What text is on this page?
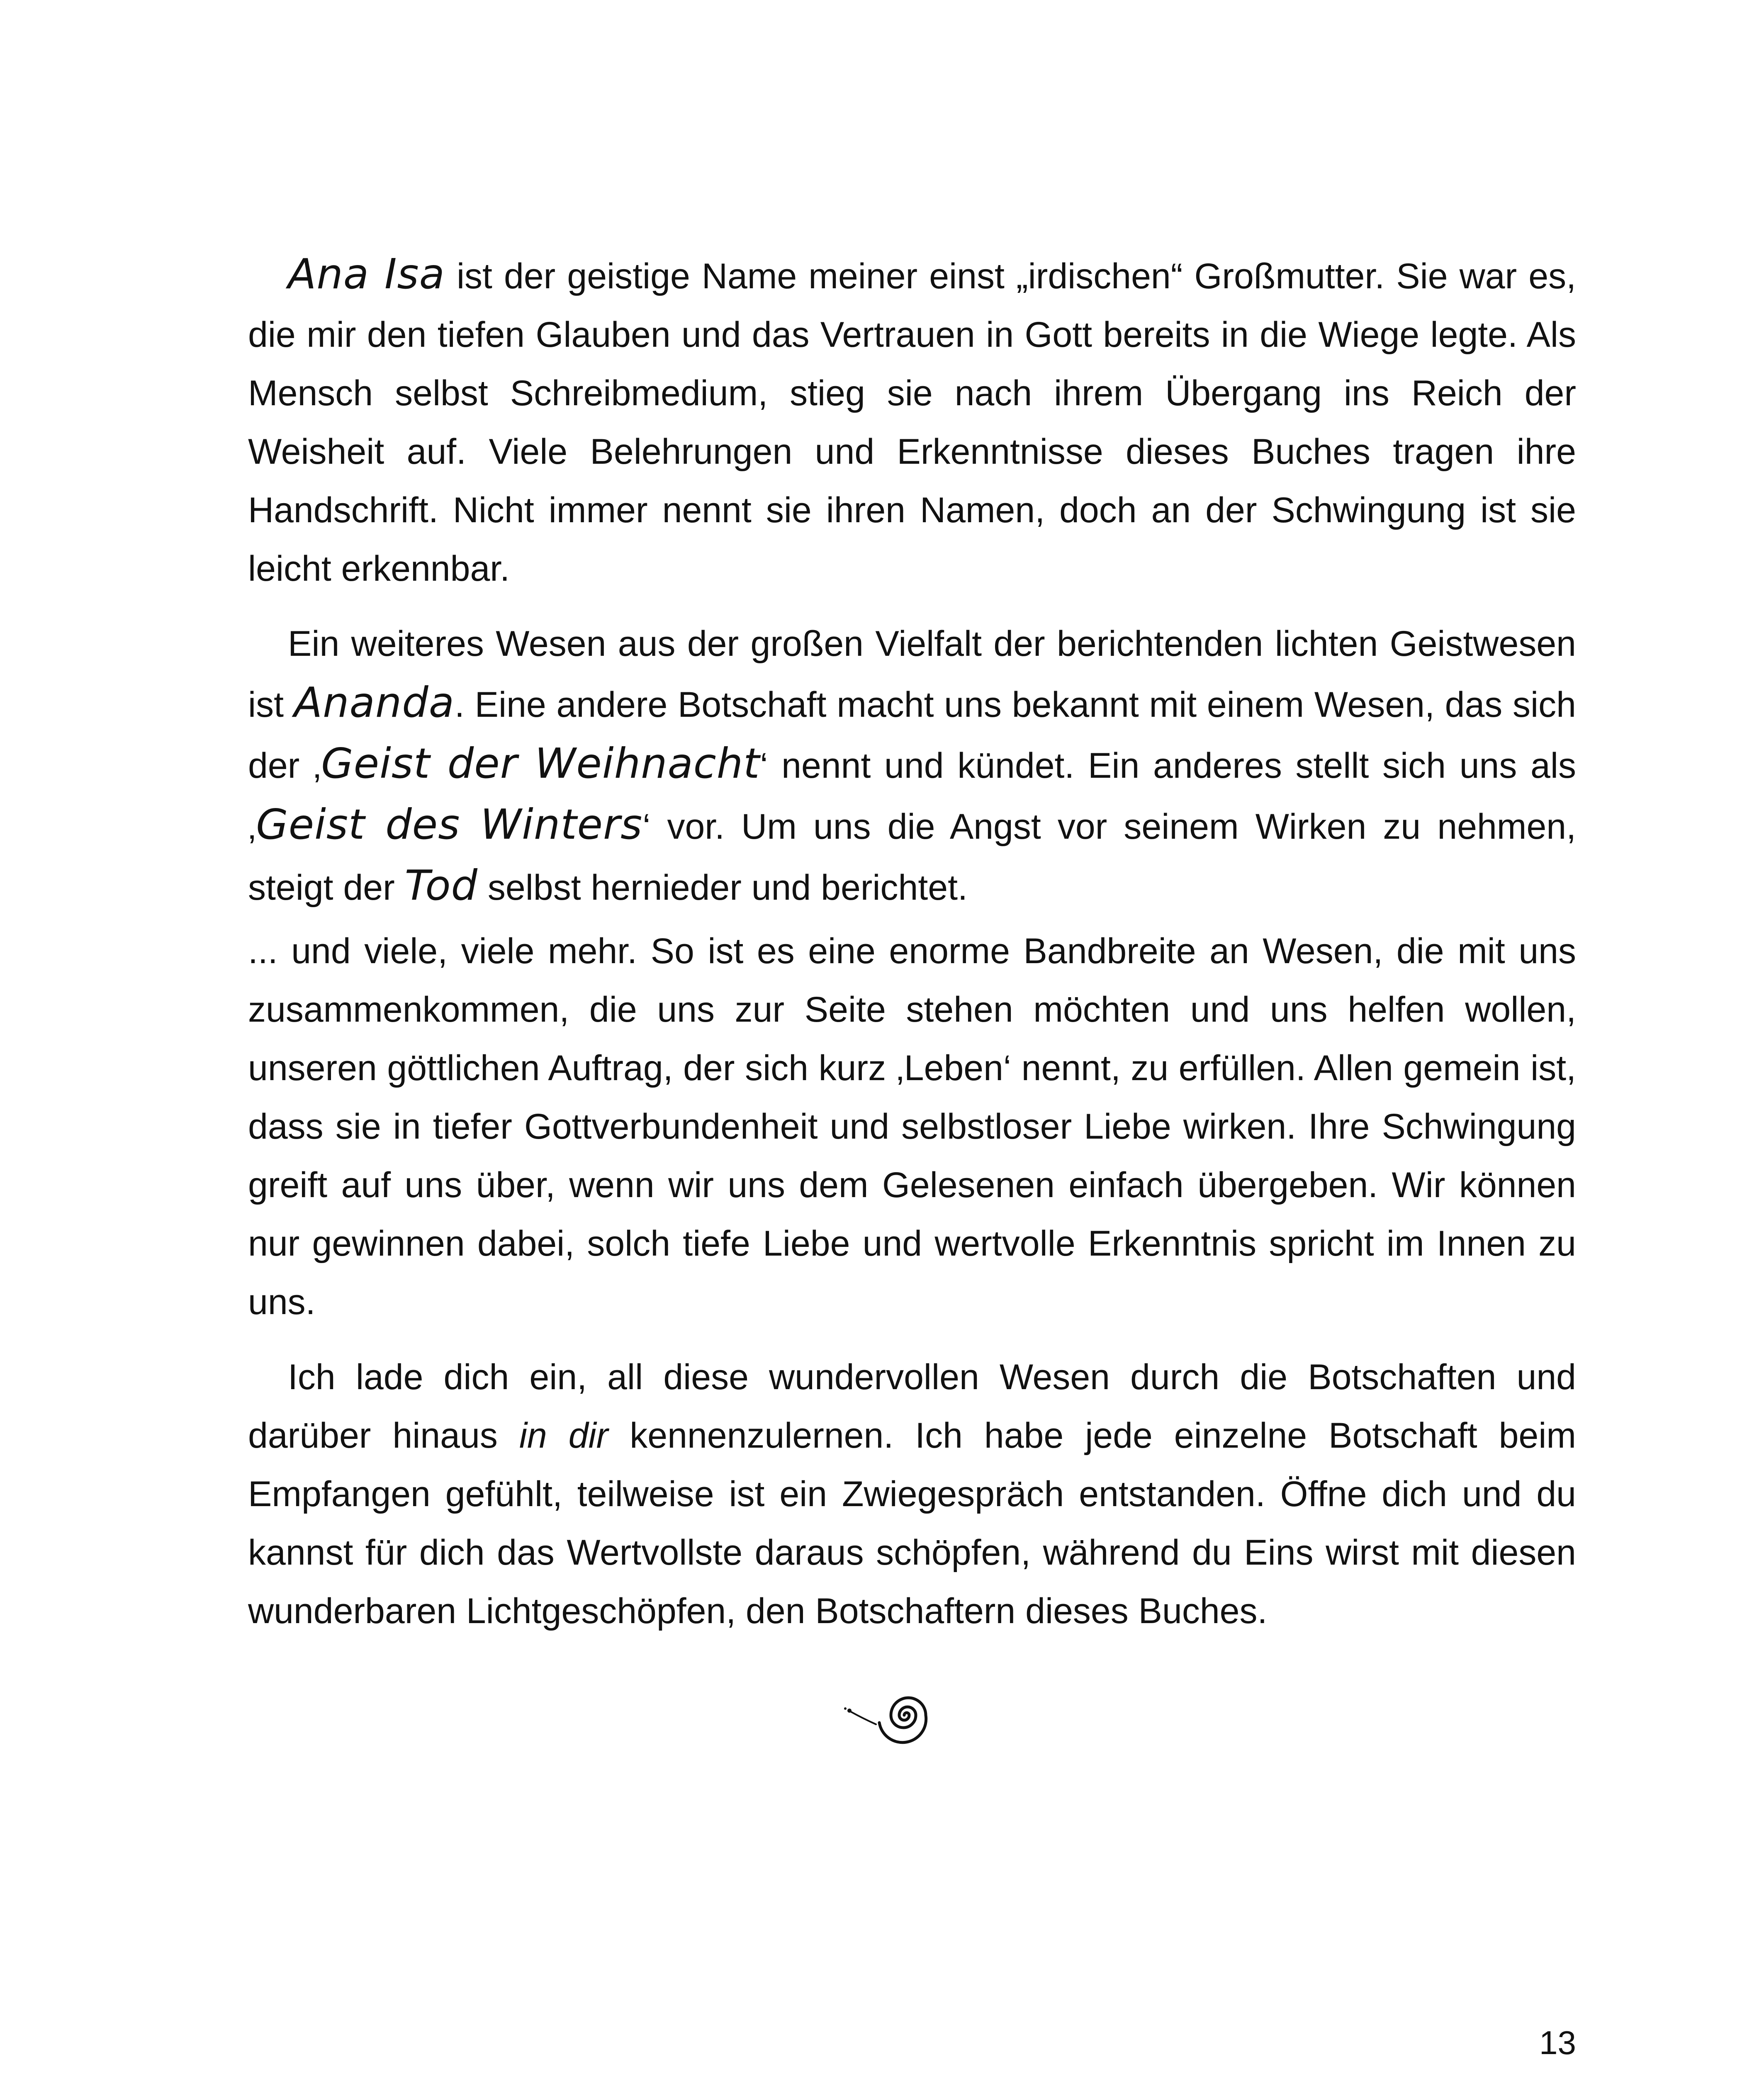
Ana Isa ist der geistige Name meiner einst „irdischen“ Großmutter. Sie war es, die mir den tiefen Glauben und das Vertrauen in Gott bereits in die Wiege legte. Als Mensch selbst Schreibmedium, stieg sie nach ihrem Übergang ins Reich der Weisheit auf. Viele Belehrungen und Erkenntnisse dieses Buches tragen ihre Handschrift. Nicht immer nennt sie ihren Namen, doch an der Schwingung ist sie leicht erkennbar.

Ein weiteres Wesen aus der großen Vielfalt der berichtenden lichten Geistwesen ist Ananda. Eine andere Botschaft macht uns bekannt mit einem Wesen, das sich der ‚Geist der Weihnacht‘ nennt und kündet. Ein anderes stellt sich uns als ‚Geist des Winters‘ vor. Um uns die Angst vor seinem Wirken zu nehmen, steigt der Tod selbst hernieder und berichtet.

... und viele, viele mehr. So ist es eine enorme Bandbreite an Wesen, die mit uns zusammenkommen, die uns zur Seite stehen möchten und uns helfen wollen, unseren göttlichen Auftrag, der sich kurz ‚Leben‘ nennt, zu erfüllen. Allen gemein ist, dass sie in tiefer Gottverbundenheit und selbstloser Liebe wirken. Ihre Schwingung greift auf uns über, wenn wir uns dem Gelesenen einfach übergeben. Wir können nur gewinnen dabei, solch tiefe Liebe und wertvolle Erkenntnis spricht im Innen zu uns.

Ich lade dich ein, all diese wundervollen Wesen durch die Botschaften und darüber hinaus in dir kennenzulernen. Ich habe jede einzelne Botschaft beim Empfangen gefühlt, teilweise ist ein Zwiegespräch entstanden. Öffne dich und du kannst für dich das Wertvollste daraus schöpfen, während du Eins wirst mit diesen wunderbaren Lichtgeschöpfen, den Botschaftern dieses Buches.

13
